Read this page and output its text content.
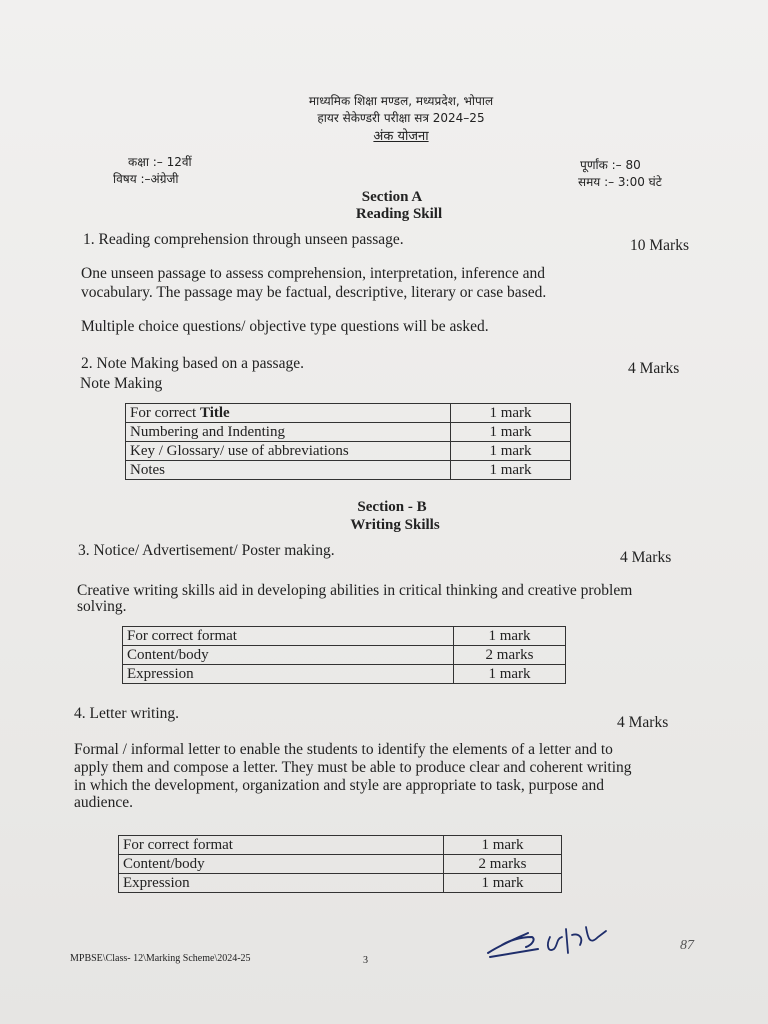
माध्यमिक शिक्षा मण्डल, मध्यप्रदेश, भोपाल
हायर सेकेण्डरी परीक्षा सत्र 2024–25
अंक योजना
कक्षा :– 12वीं
विषय :–अंग्रेजी
पूर्णांक :– 80
समय :– 3:00 घंटे
Section A
Reading Skill
1. Reading comprehension through unseen passage.	10 Marks
One unseen passage to assess comprehension, interpretation, inference and
vocabulary. The passage may be factual, descriptive, literary or case based.
Multiple choice questions/ objective type questions will be asked.
2. Note Making based on a passage.	4 Marks
Note Making
For correct Title	1 mark
Numbering and Indenting	1 mark
Key / Glossary/ use of abbreviations	1 mark
Notes	1 mark
Section - B
Writing Skills
3. Notice/ Advertisement/ Poster making.	4 Marks
Creative writing skills aid in developing abilities in critical thinking and creative problem
solving.
For correct format	1 mark
Content/body	2 marks
Expression	1 mark
4. Letter writing.
4 Marks
Formal / informal letter to enable the students to identify the elements of a letter and to
apply them and compose a letter. They must be able to produce clear and coherent writing
in which the development, organization and style are appropriate to task, purpose and
audience.
For correct format	1 mark
Content/body	2 marks
Expression	1 mark
87
MPBSE\Class- 12\Marking Scheme\2024-25	3
